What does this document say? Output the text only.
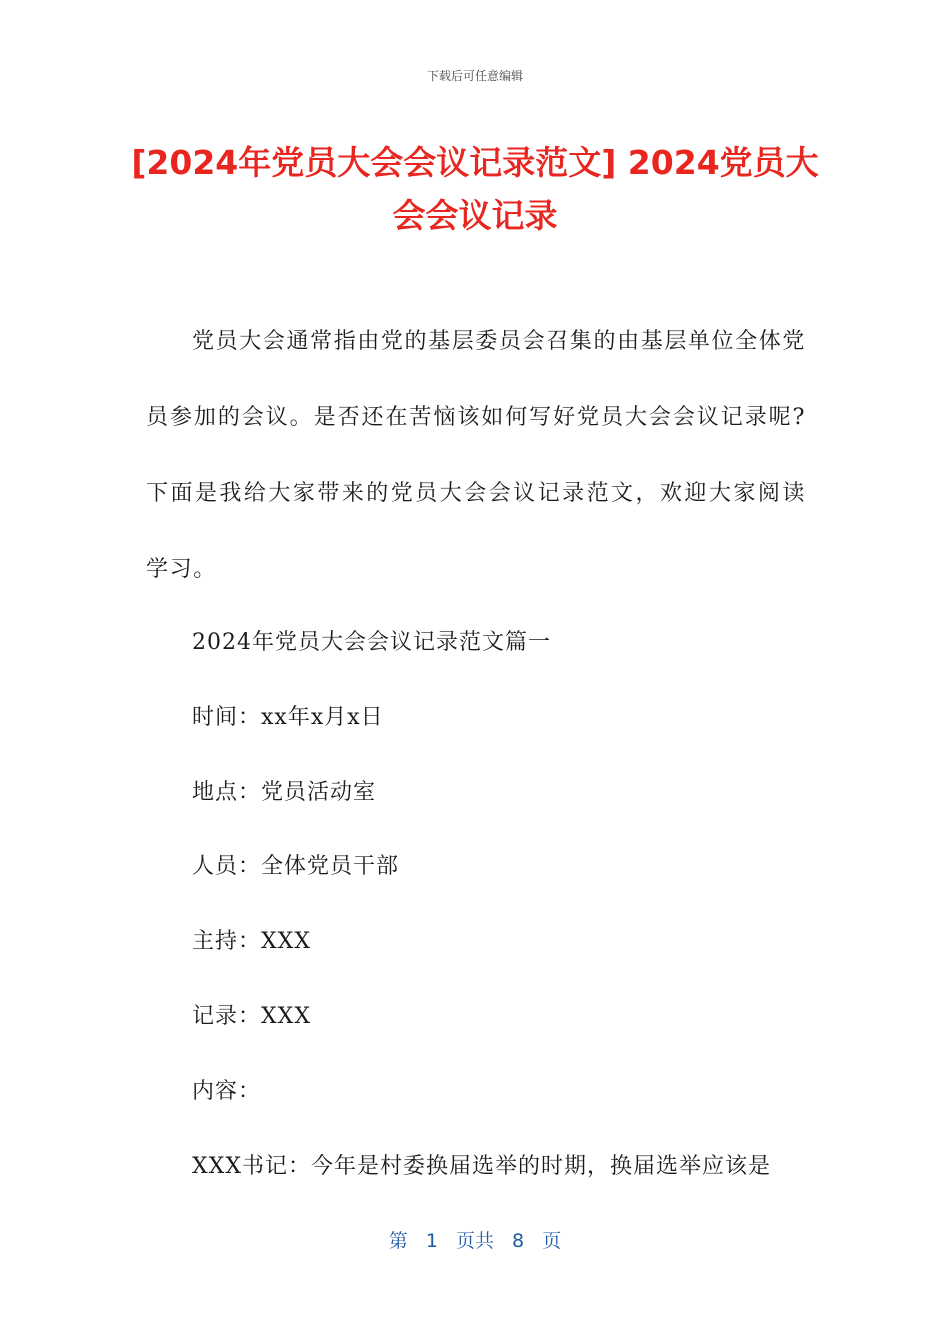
下载后可任意编辑
[2024年党员大会会议记录范文] 2024党员大会会议记录

党员大会通常指由党的基层委员会召集的由基层单位全体党员参加的会议。是否还在苦恼该如何写好党员大会会议记录呢?下面是我给大家带来的党员大会会议记录范文，欢迎大家阅读学习。

2024年党员大会会议记录范文篇一
时间：xx年x月x日
地点：党员活动室
人员：全体党员干部
主持：XXX
记录：XXX
内容：
XXX书记：今年是村委换届选举的时期，换届选举应该是
第 1 页共 8 页
